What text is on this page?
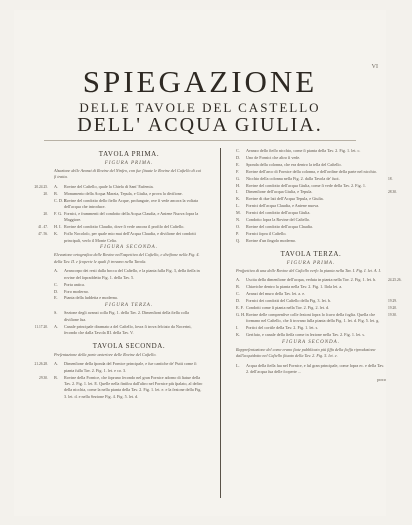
VI
SPIEGAZIONE
DELLE TAVOLE DEL CASTELLO
DELL' ACQUA GIULIA.
TAVOLA PRIMA.
FIGURA PRIMA.
Alzazione delle Avanzi di Rovine del Ninfeo, con ſue ſituate le Rovine del Caſtello di cui ſi tratta.
20.24.25. A. Rovine del Caſtello, quale la Chieſa di Sant' Eufemia.
20. B. Monumento della Acqua Marzia, Tepula, e Giulia, e prova la diviſione.
C. D. E.
Rovine del condotto dello ſteſſo Acque, prolungate, ove ſi vede ancora la voltata dell'acqua che introduce.
20. F. G. Fornici, e frammenti del condotto della Acqua Claudia, e Aniene Nuova ſopra la Maggiore.
41. 47. H. I. Rovine del condotto Claudio, dove ſi vede ancora il profilo del Caſtello.
47. 56. K. Foſſo Nocoloſo, per quale mio mai dell'Acqua Claudia, e diviſione dei condotti principali, verſo il Monte Celio.
FIGURA SECONDA.
Elevazione ortografica delle Rovine nell'aspettiva del Caſtello, e diviſione nella Fig. 4. della Tav. II. e ſcoperte le quali ſi trovano nella Tavola.
A. Avancorpo dei resti dalla bocca del Caſtello, e la pianta ſulla Fig. 3, della ſteſſa in rovine del ſopraddetto Fig. 1. della Tav. 5.
C. Porta antica.
D. Foro moderno.
E. Pianta della ſuddetta e moderna.
FIGURA TERZA.
S. Sezione degli avanzi colla Fig. 1. della Tav. 2. Dimenſioni della ſteſſa colla diviſione ſua.
11.17.20. A. Canale principale diramato a del Caſtello, ſovra ſi trova ſelciato da Nocerini, ſecondo che dalla Tavola III. della Tav. V.
TAVOLA SECONDA.
Preſentazione della parte anteriore delle Rovine del Caſtello.
21.26.28. A. Dimenſione della ſponda del Fornice principale, e ſue cantiche de' Putti come ſi pianta ſulla Tav. 2. Fig. 1. let. e co. 3.
29.30. B. Rovine della Fornice, che ſoprano ſecondo nel gran Fornice adorno di ſtatue della Tav. 2. Fig. 1. let. E. Quelle nella finiſtra dall'altro nel Fornice più ſpalato, al deſtro della nicchia, come la nella pianta della Tav. 2. Fig. 1. let. e. e la ſezione della Fig. 3. let. d. e nella Sezione Fig. 4. Fig. 5. let. d.
C. Avanzo dello ſteſſo nicchio, come ſi pianta della Tav. 2. Fig. 1. let. c.
D. Uno de Fornici che altro ſi vede.
E. Sponda della colonna, che era dentro la tella del Caſtello.
F. Rovine dell'arco di Fornice della colonna, e dell'ordine della parte nel nicchio.
18.
G. Nicchio della colonna nella Fig. 2. dalla Tavola de' ſuoi.
H. Rovine del condotto dell'acqua Giulia, come ſi vede della Tav. 2. Fig. 1.
28.30.
I. Dimenſione dell'acqua Giulia, e Tepula.
K. Rovine di due lati dell'Acqua Tepula, e Giulia.
L. Fornici dell'acqua Claudia, e Aniene nuova.
M. Fornici del condotto dell'acqua Giulia.
N. Condotto ſopra la Rovine del Caſtello.
O. Rovine del condotto dell'acqua Claudia.
P. Fornici ſopra il Caſtello.
Q. Rovine d'un ſingolo moderno.
TAVOLA TERZA.
FIGURA PRIMA.
Proſpettiva di una delle Rovine del Caſtello verſo la pianta nella Tav. I. Fig. I. let. A. I.
24.25.26.
A. Uscita della dimenſione dell'acqua, veduta in pianta nella Tav. 2. Fig. 1. let. b.
B. Chiaviche dentro la pianta nella Tav. 2. Fig. 1. Iſola let. a.
C. Avanzi del muro della Tav. let. a. e.
19.29.
D. Fornici dei condotti del Caſtello della Fig. 3. let. b.
19.20.
E. F. Condotti come ſi pianta nella Tav. 2. Fig. 2. let. d.
19.30.
G. H. Rovine delle comprenſive colle ſezioni ſopra lo ſcavo della foglia. Quella che formano nel Caſtello, che ſi trovano ſulla pianta della Fig. 1. let. d. Fig. 5. let. g.
I. Portici del cortile della Tav. 2. Fig. 1. let. s.
K. Gerifato, e canale della ſteſſa come in ſezione nella Tav. 2. Fig. 1. let. s.
FIGURA SECONDA.
Rappreſentazione del come erano ſtate pubblicato più ſiffa della ſteſſa riproduzione dall'acquidotto nel Caſtello ſituato della Tav. 2. Fig. 5. let. e.
L. Acqua della ſteſſa ſua nel Fornice, e ſul gran principale, come ſopra ec. e della Tav. 2. dell'acqua ſua delle ſcoperte ...
poco
